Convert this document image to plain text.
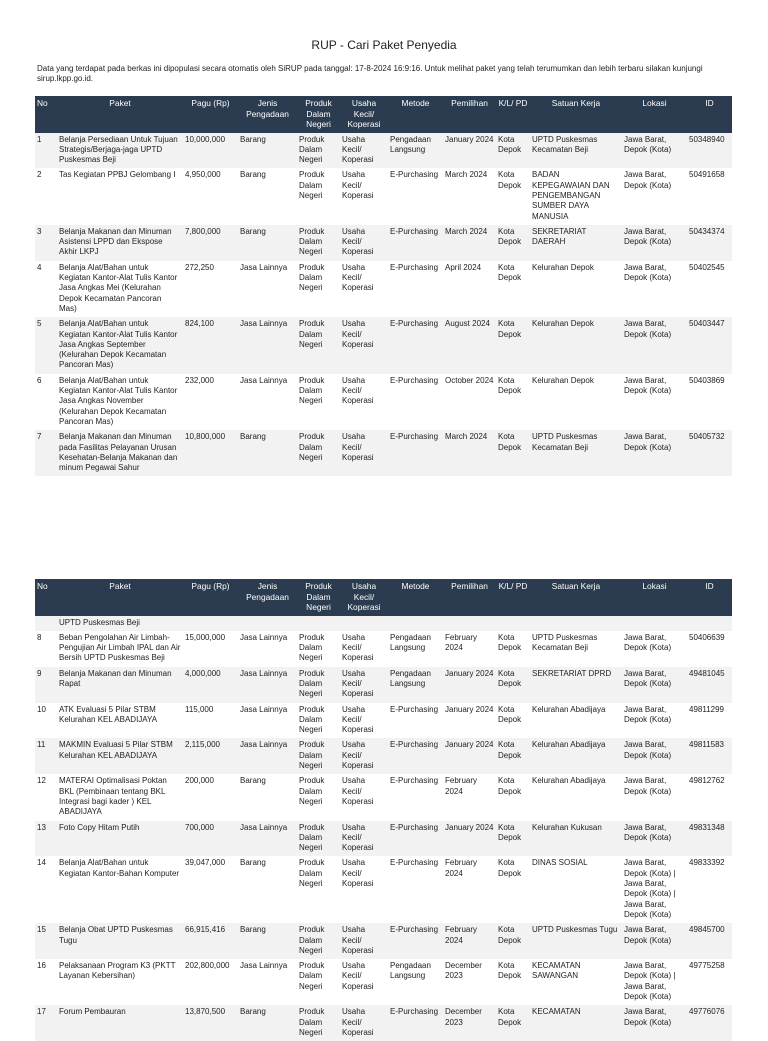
RUP - Cari Paket Penyedia
Data yang terdapat pada berkas ini dipopulasi secara otomatis oleh SiRUP pada tanggal: 17-8-2024 16:9:16. Untuk melihat paket yang telah terumumkan dan lebih terbaru silakan kunjungi sirup.lkpp.go.id.
No	Paket	Pagu (Rp)	Jenis Pengadaan	Produk Dalam Negeri	Usaha Kecil/ Koperasi	Metode	Pemilihan	K/L/ PD	Satuan Kerja	Lokasi	ID
1	Belanja Persediaan Untuk Tujuan Strategis/Berjaga-jaga UPTD Puskesmas Beji	10,000,000	Barang	Produk Dalam Negeri	Usaha Kecil/ Koperasi	Pengadaan Langsung	January 2024	Kota Depok	UPTD Puskesmas Kecamatan Beji	Jawa Barat, Depok (Kota)	50348940
2	Tas Kegiatan PPBJ Gelombang I	4,950,000	Barang	Produk Dalam Negeri	Usaha Kecil/ Koperasi	E-Purchasing	March 2024	Kota Depok	BADAN KEPEGAWAIAN DAN PENGEMBANGAN SUMBER DAYA MANUSIA	Jawa Barat, Depok (Kota)	50491658
3	Belanja Makanan dan Minuman Asistensi LPPD dan Ekspose Akhir LKPJ	7,800,000	Barang	Produk Dalam Negeri	Usaha Kecil/ Koperasi	E-Purchasing	March 2024	Kota Depok	SEKRETARIAT DAERAH	Jawa Barat, Depok (Kota)	50434374
4	Belanja Alat/Bahan untuk Kegiatan Kantor-Alat Tulis Kantor Jasa Angkas Mei (Kelurahan Depok Kecamatan Pancoran Mas)	272,250	Jasa Lainnya	Produk Dalam Negeri	Usaha Kecil/ Koperasi	E-Purchasing	April 2024	Kota Depok	Kelurahan Depok	Jawa Barat, Depok (Kota)	50402545
5	Belanja Alat/Bahan untuk Kegiatan Kantor-Alat Tulis Kantor Jasa Angkas September (Kelurahan Depok Kecamatan Pancoran Mas)	824,100	Jasa Lainnya	Produk Dalam Negeri	Usaha Kecil/ Koperasi	E-Purchasing	August 2024	Kota Depok	Kelurahan Depok	Jawa Barat, Depok (Kota)	50403447
6	Belanja Alat/Bahan untuk Kegiatan Kantor-Alat Tulis Kantor Jasa Angkas November (Kelurahan Depok Kecamatan Pancoran Mas)	232,000	Jasa Lainnya	Produk Dalam Negeri	Usaha Kecil/ Koperasi	E-Purchasing	October 2024	Kota Depok	Kelurahan Depok	Jawa Barat, Depok (Kota)	50403869
7	Belanja Makanan dan Minuman pada Fasilitas Pelayanan Urusan Kesehatan-Belanja Makanan dan minum Pegawai Sahur	10,800,000	Barang	Produk Dalam Negeri	Usaha Kecil/ Koperasi	E-Purchasing	March 2024	Kota Depok	UPTD Puskesmas Kecamatan Beji	Jawa Barat, Depok (Kota)	50405732
No	Paket	Pagu (Rp)	Jenis Pengadaan	Produk Dalam Negeri	Usaha Kecil/ Koperasi	Metode	Pemilihan	K/L/ PD	Satuan Kerja	Lokasi	ID
	UPTD Puskesmas Beji										
8	Beban Pengolahan Air Limbah-Pengujian Air Limbah IPAL dan Air Bersih UPTD Puskesmas Beji	15,000,000	Jasa Lainnya	Produk Dalam Negeri	Usaha Kecil/ Koperasi	Pengadaan Langsung	February 2024	Kota Depok	UPTD Puskesmas Kecamatan Beji	Jawa Barat, Depok (Kota)	50406639
9	Belanja Makanan dan Minuman Rapat	4,000,000	Jasa Lainnya	Produk Dalam Negeri	Usaha Kecil/ Koperasi	Pengadaan Langsung	January 2024	Kota Depok	SEKRETARIAT DPRD	Jawa Barat, Depok (Kota)	49481045
10	ATK Evaluasi 5 Pilar STBM Kelurahan KEL ABADIJAYA	115,000	Jasa Lainnya	Produk Dalam Negeri	Usaha Kecil/ Koperasi	E-Purchasing	January 2024	Kota Depok	Kelurahan Abadijaya	Jawa Barat, Depok (Kota)	49811299
11	MAKMIN Evaluasi 5 Pilar STBM Kelurahan KEL ABADIJAYA	2,115,000	Jasa Lainnya	Produk Dalam Negeri	Usaha Kecil/ Koperasi	E-Purchasing	January 2024	Kota Depok	Kelurahan Abadijaya	Jawa Barat, Depok (Kota)	49811583
12	MATERAI Optimalisasi Poktan BKL (Pembinaan tentang BKL Integrasi bagi kader ) KEL ABADIJAYA	200,000	Barang	Produk Dalam Negeri	Usaha Kecil/ Koperasi	E-Purchasing	February 2024	Kota Depok	Kelurahan Abadijaya	Jawa Barat, Depok (Kota)	49812762
13	Foto Copy Hitam Putih	700,000	Jasa Lainnya	Produk Dalam Negeri	Usaha Kecil/ Koperasi	E-Purchasing	January 2024	Kota Depok	Kelurahan Kukusan	Jawa Barat, Depok (Kota)	49831348
14	Belanja Alat/Bahan untuk Kegiatan Kantor-Bahan Komputer	39,047,000	Barang	Produk Dalam Negeri	Usaha Kecil/ Koperasi	E-Purchasing	February 2024	Kota Depok	DINAS SOSIAL	Jawa Barat, Depok (Kota) | Jawa Barat, Depok (Kota) | Jawa Barat, Depok (Kota)	49833392
15	Belanja Obat UPTD Puskesmas Tugu	66,915,416	Barang	Produk Dalam Negeri	Usaha Kecil/ Koperasi	E-Purchasing	February 2024	Kota Depok	UPTD Puskesmas Tugu	Jawa Barat, Depok (Kota)	49845700
16	Pelaksanaan Program K3 (PKTT Layanan Kebersihan)	202,800,000	Jasa Lainnya	Produk Dalam Negeri	Usaha Kecil/ Koperasi	Pengadaan Langsung	December 2023	Kota Depok	KECAMATAN SAWANGAN	Jawa Barat, Depok (Kota) | Jawa Barat, Depok (Kota)	49775258
17	Forum Pembauran	13,870,500	Barang	Produk Dalam Negeri	Usaha Kecil/ Koperasi	E-Purchasing	December 2023	Kota Depok	KECAMATAN	Jawa Barat, Depok (Kota)	49776076
